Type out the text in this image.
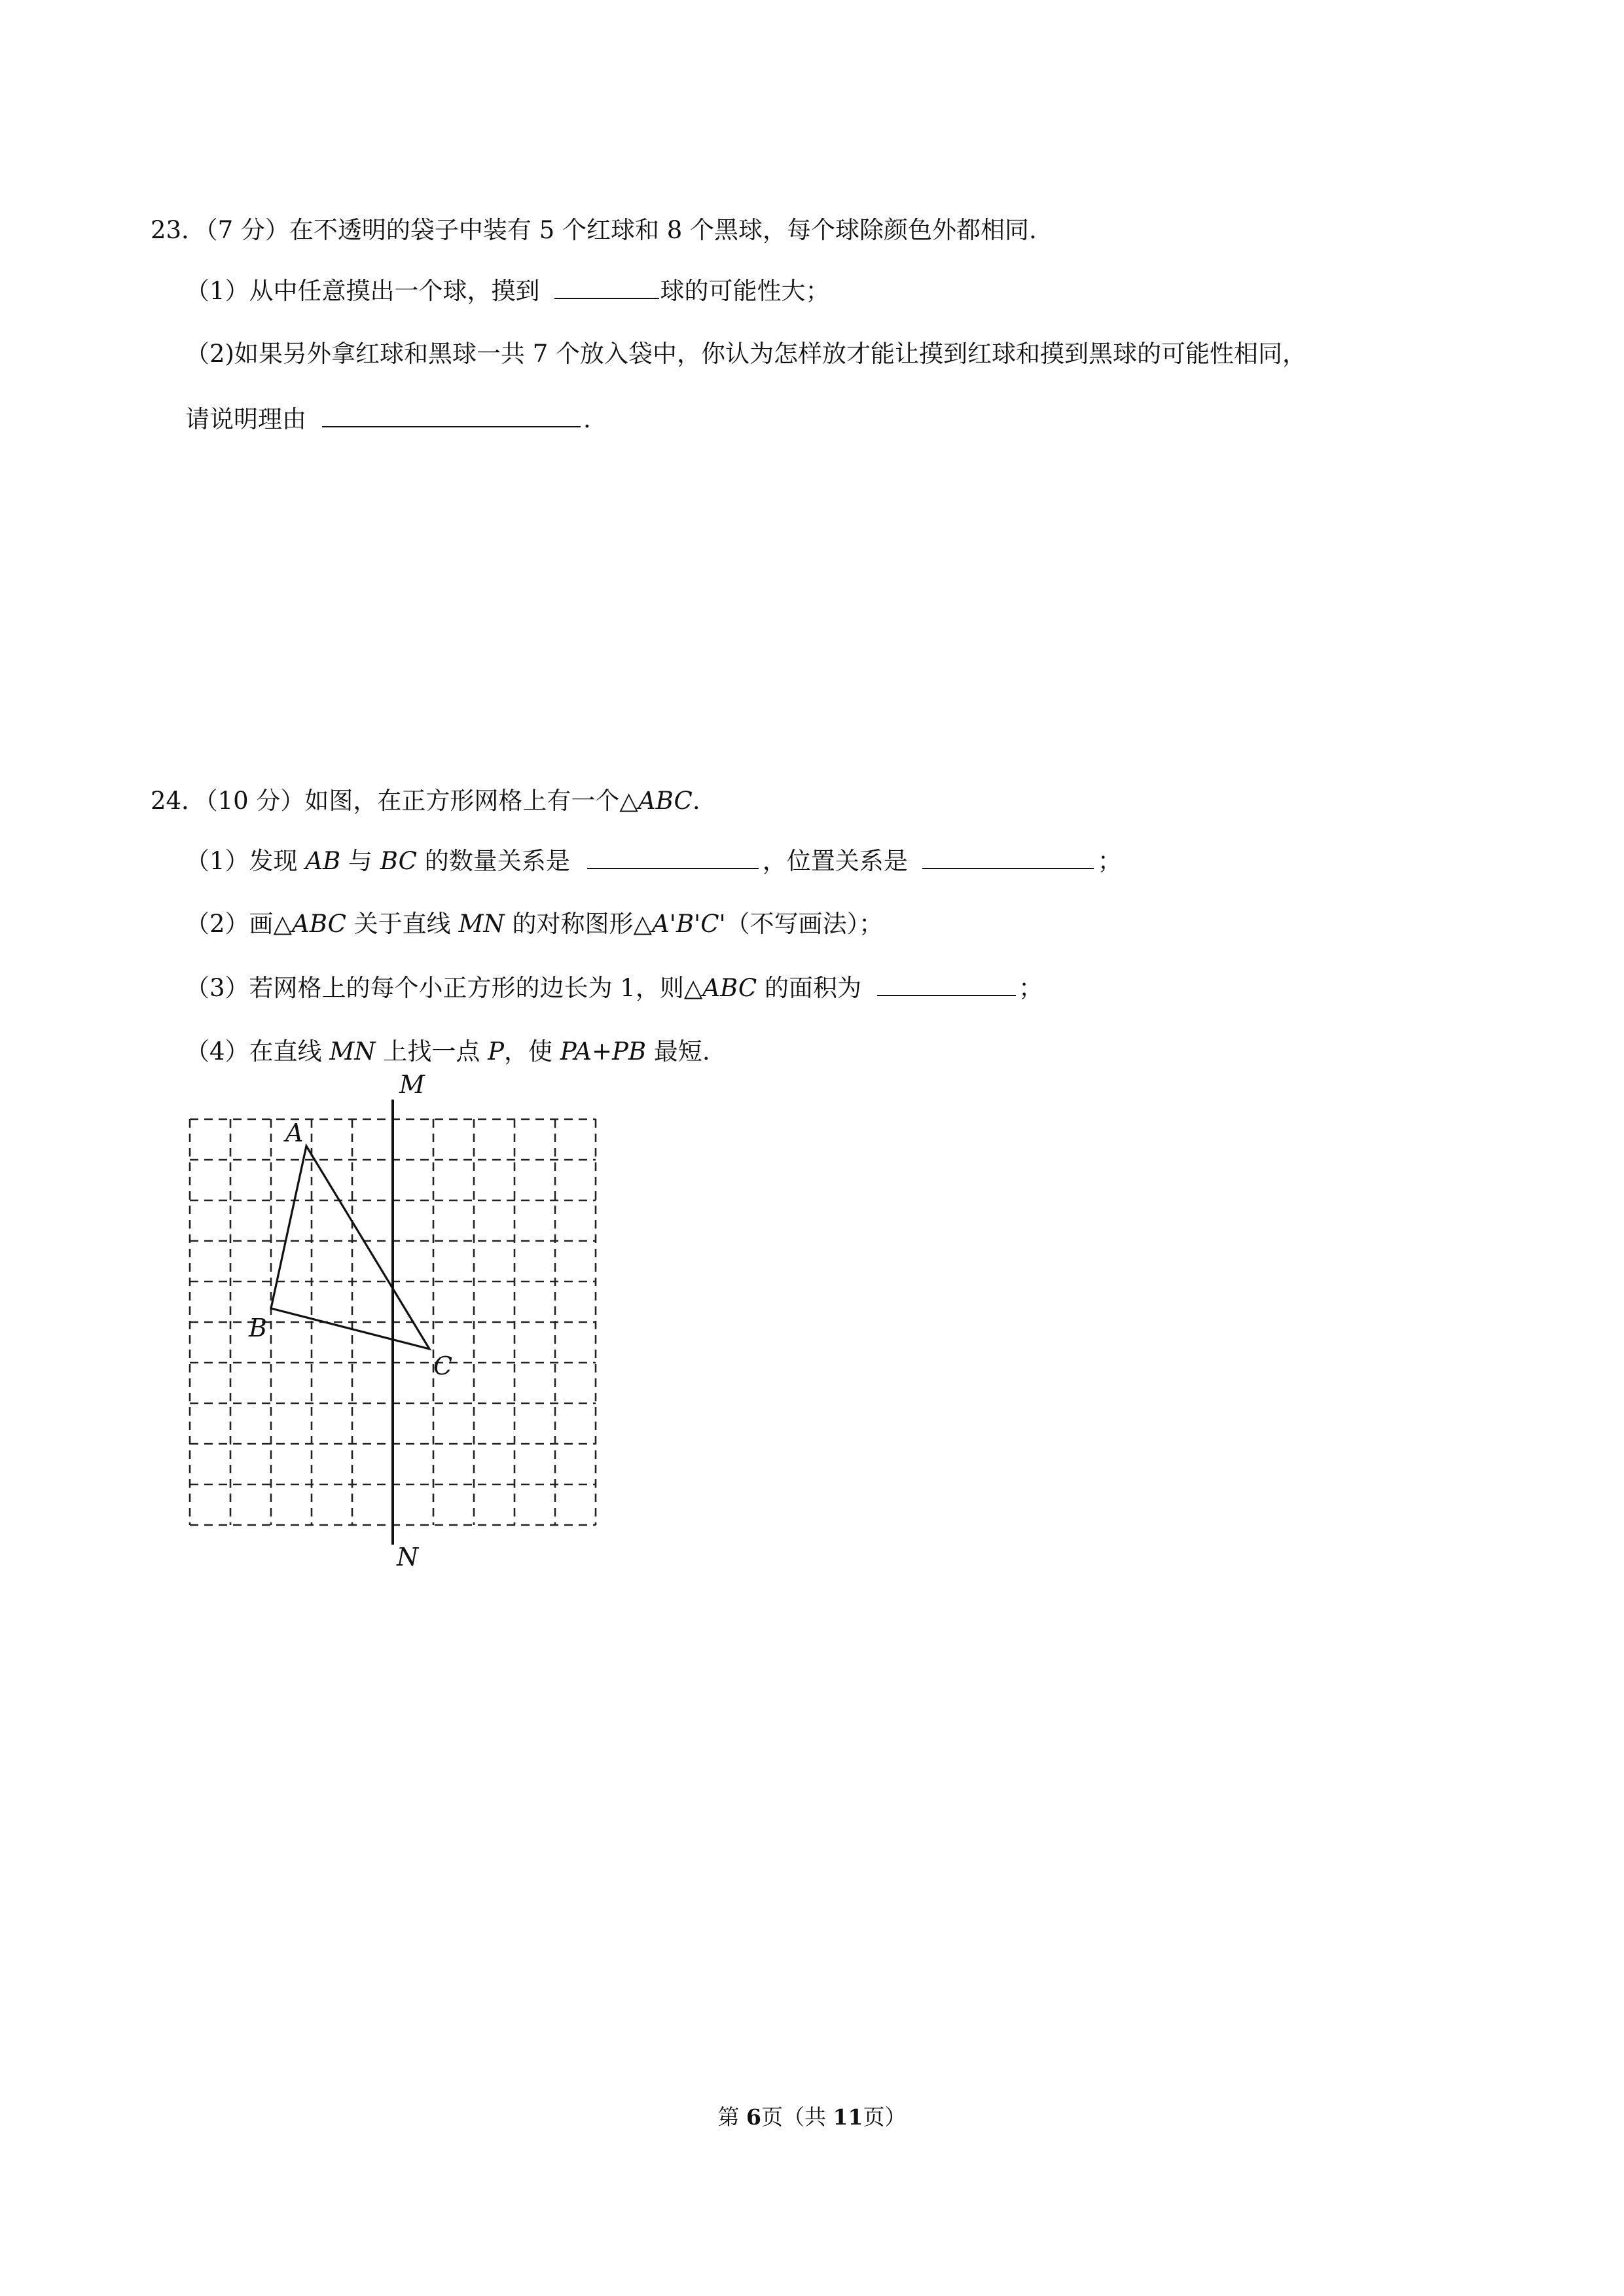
23．（7 分）在不透明的袋子中装有 5 个红球和 8 个黑球，每个球除颜色外都相同.
（1）从中任意摸出一个球，摸到	球的可能性大；
（2)如果另外拿红球和黑球一共 7 个放入袋中，你认为怎样放才能让摸到红球和摸到黑球的可能性相同，
请说明理由	.
24．（10 分）如图，在正方形网格上有一个△ABC.
（1）发现 AB 与 BC 的数量关系是	，位置关系是	；
（2）画△ABC 关于直线 MN 的对称图形△A'B'C'（不写画法）；
（3）若网格上的每个小正方形的边长为 1，则△ABC 的面积为	；
（4）在直线 MN 上找一点 P，使 PA+PB 最短.
M
N
A
B
C
第 6页（共 11页）
